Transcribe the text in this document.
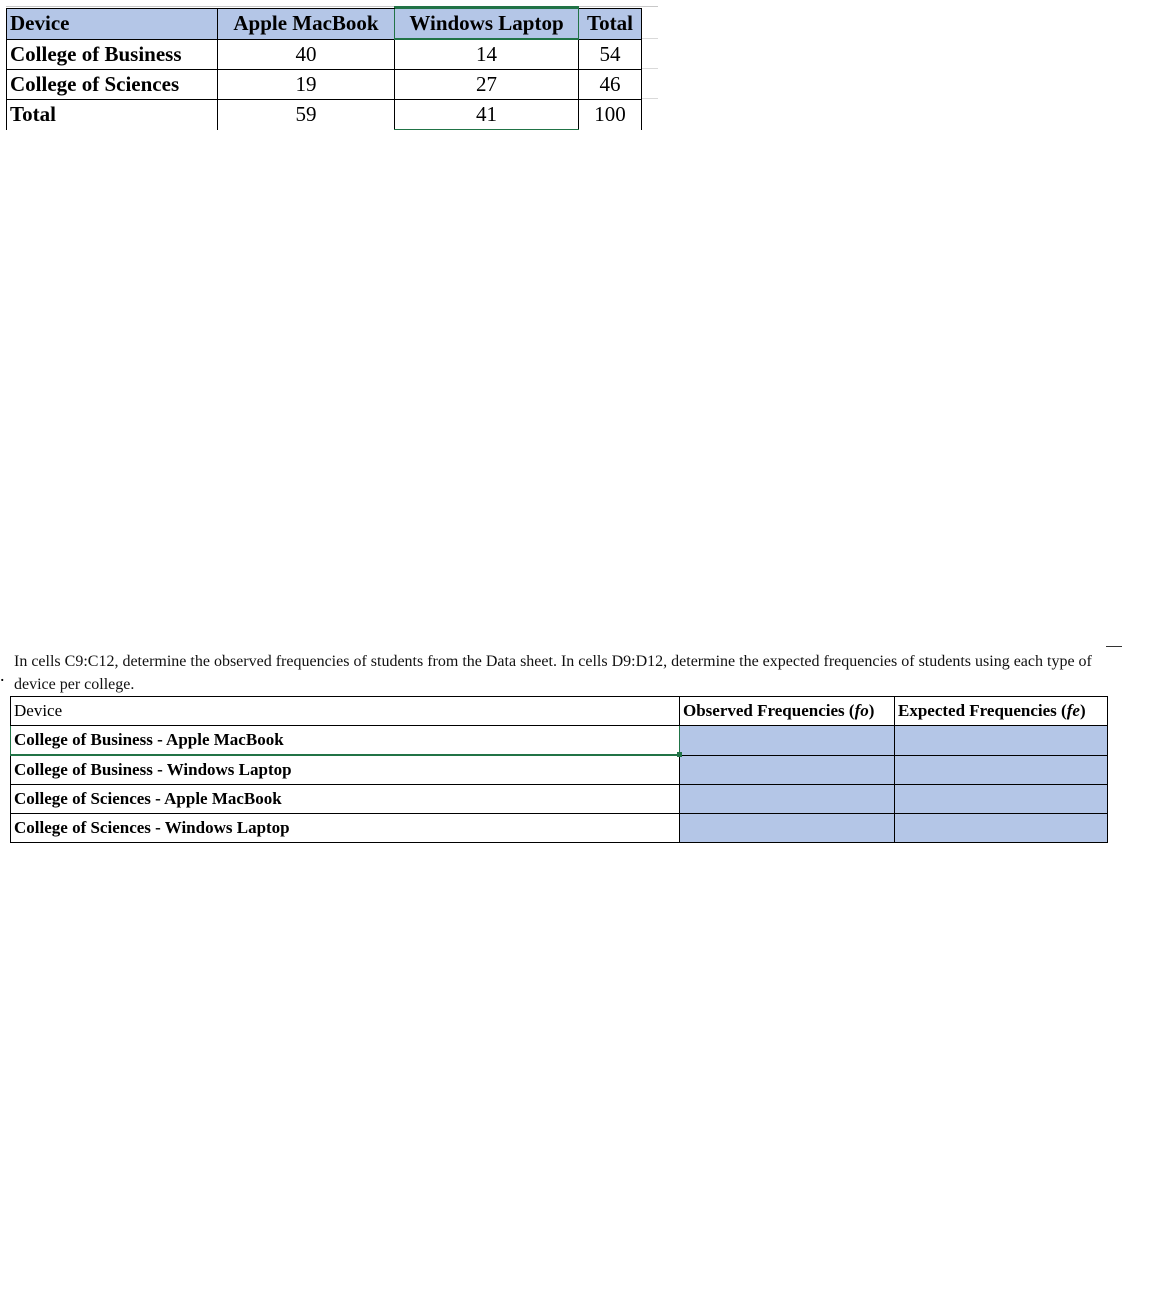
Device	Apple MacBook	Windows Laptop	Total
College of Business	40	14	54
College of Sciences	19	27	46
Total	59	41	100
.
In cells C9:C12, determine the observed frequencies of students from the Data sheet. In cells D9:D12, determine the expected frequencies of students using each type of device per college.
Device	Observed Frequencies (fo)	Expected Frequencies (fe)
College of Business - Apple MacBook		
College of Business - Windows Laptop		
College of Sciences - Apple MacBook		
College of Sciences - Windows Laptop		
